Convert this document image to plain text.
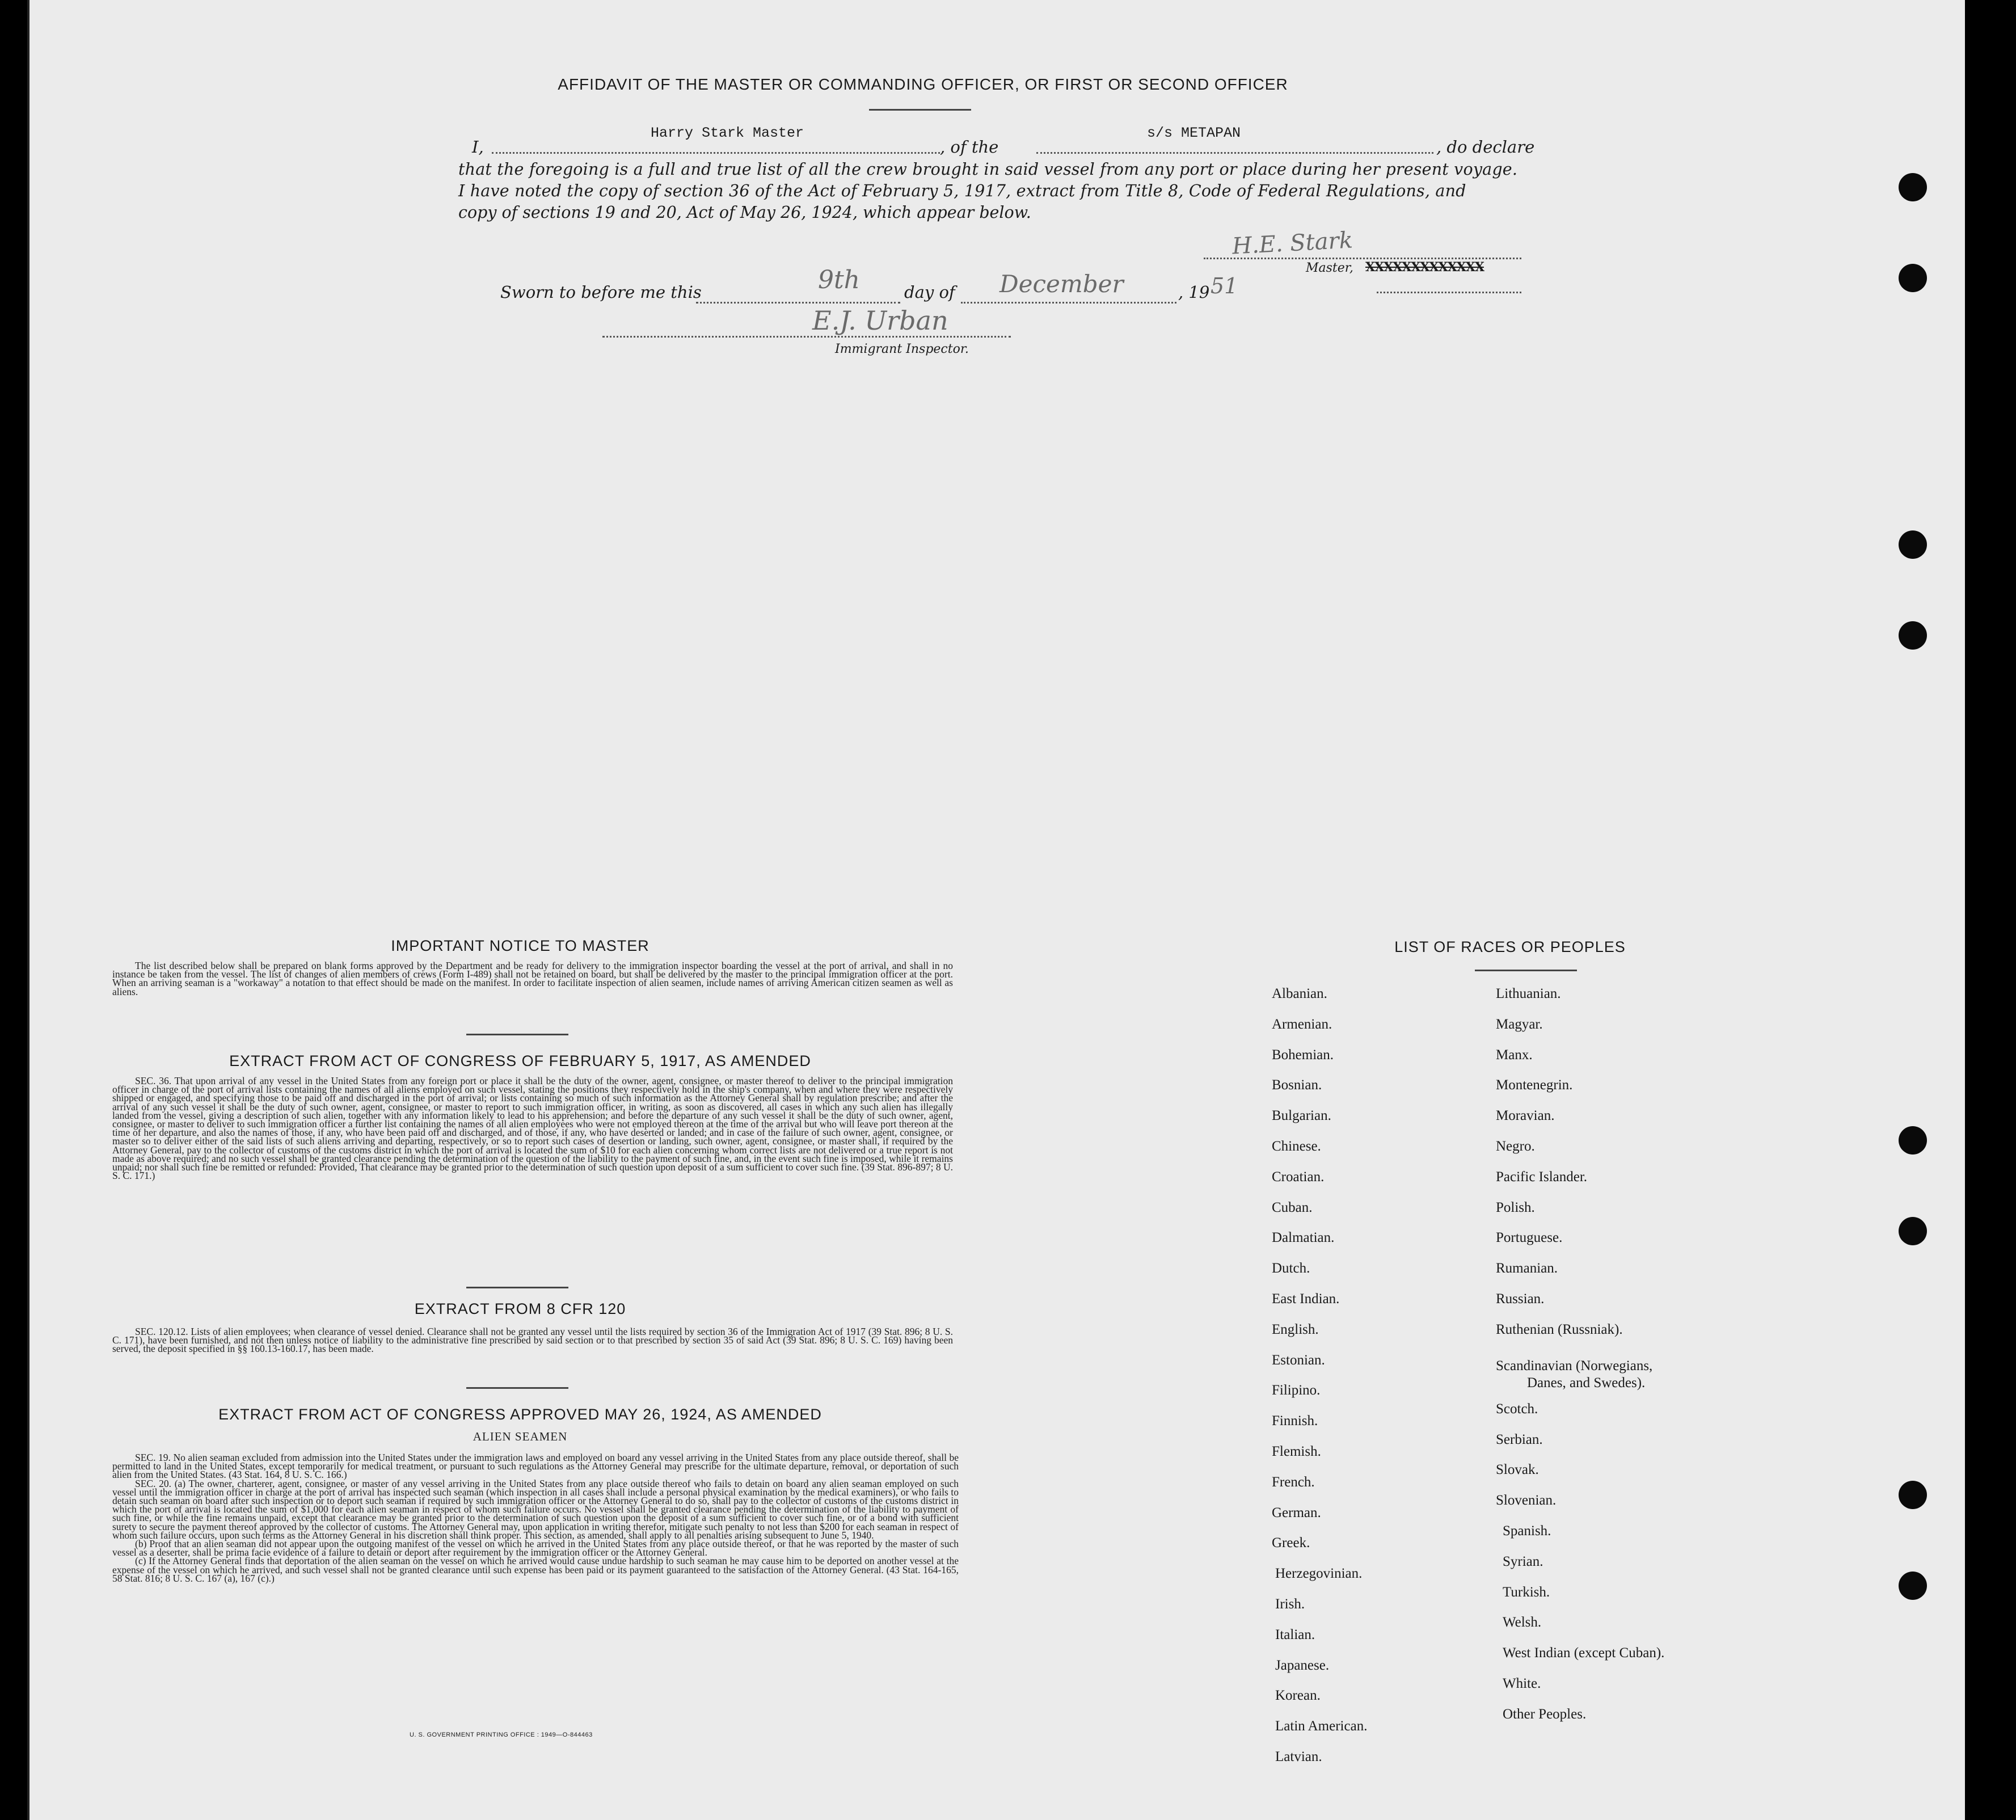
AFFIDAVIT OF THE MASTER OR COMMANDING OFFICER, OR FIRST OR SECOND OFFICER
I,
Harry Stark Master
, of the
s/s METAPAN
, do declare
that the foregoing is a full and true list of all the crew brought in said vessel from any port or place during her present voyage.
I have noted the copy of section 36 of the Act of February 5, 1917, extract from Title 8, Code of Federal Regulations, and
copy of sections 19 and 20, Act of May 26, 1924, which appear below.
H.E. Stark
Master, XXXXXXXXXXXXX
Sworn to before me this	9th	day of December	, 19 51
E.J. Urban
Immigrant Inspector.
IMPORTANT NOTICE TO MASTER
The list described below shall be prepared on blank forms approved by the Department and be ready for delivery to the immigration inspector boarding the vessel at the port of arrival, and shall in no instance be taken from the vessel. The list of changes of alien members of crews (Form I-489) shall not be retained on board, but shall be delivered by the master to the principal immigration officer at the port. When an arriving seaman is a "workaway" a notation to that effect should be made on the manifest. In order to facilitate inspection of alien seamen, include names of arriving American citizen seamen as well as aliens.
EXTRACT FROM ACT OF CONGRESS OF FEBRUARY 5, 1917, AS AMENDED
SEC. 36. That upon arrival of any vessel in the United States from any foreign port or place it shall be the duty of the owner, agent, consignee, or master thereof to deliver to the principal immigration officer in charge of the port of arrival lists containing the names of all aliens employed on such vessel, stating the positions they respectively hold in the ship's company, when and where they were respectively shipped or engaged, and specifying those to be paid off and discharged in the port of arrival; or lists containing so much of such information as the Attorney General shall by regulation prescribe; and after the arrival of any such vessel it shall be the duty of such owner, agent, consignee, or master to report to such immigration officer, in writing, as soon as discovered, all cases in which any such alien has illegally landed from the vessel, giving a description of such alien, together with any information likely to lead to his apprehension; and before the departure of any such vessel it shall be the duty of such owner, agent, consignee, or master to deliver to such immigration officer a further list containing the names of all alien employees who were not employed thereon at the time of the arrival but who will leave port thereon at the time of her departure, and also the names of those, if any, who have been paid off and discharged, and of those, if any, who have deserted or landed; and in case of the failure of such owner, agent, consignee, or master so to deliver either of the said lists of such aliens arriving and departing, respectively, or so to report such cases of desertion or landing, such owner, agent, consignee, or master shall, if required by the Attorney General, pay to the collector of customs of the customs district in which the port of arrival is located the sum of $10 for each alien concerning whom correct lists are not delivered or a true report is not made as above required; and no such vessel shall be granted clearance pending the determination of the question of the liability to the payment of such fine, and, in the event such fine is imposed, while it remains unpaid; nor shall such fine be remitted or refunded: Provided, That clearance may be granted prior to the determination of such question upon deposit of a sum sufficient to cover such fine. (39 Stat. 896-897; 8 U. S. C. 171.)
EXTRACT FROM 8 CFR 120
SEC. 120.12. Lists of alien employees; when clearance of vessel denied. Clearance shall not be granted any vessel until the lists required by section 36 of the Immigration Act of 1917 (39 Stat. 896; 8 U. S. C. 171), have been furnished, and not then unless notice of liability to the administrative fine prescribed by said section or to that prescribed by section 35 of said Act (39 Stat. 896; 8 U. S. C. 169) having been served, the deposit specified in §§ 160.13-160.17, has been made.
EXTRACT FROM ACT OF CONGRESS APPROVED MAY 26, 1924, AS AMENDED
ALIEN SEAMEN
SEC. 19. No alien seaman excluded from admission into the United States under the immigration laws and employed on board any vessel arriving in the United States from any place outside thereof, shall be permitted to land in the United States, except temporarily for medical treatment, or pursuant to such regulations as the Attorney General may prescribe for the ultimate departure, removal, or deportation of such alien from the United States. (43 Stat. 164, 8 U. S. C. 166.)
SEC. 20. (a) The owner, charterer, agent, consignee, or master of any vessel arriving in the United States from any place outside thereof who fails to detain on board any alien seaman employed on such vessel until the immigration officer in charge at the port of arrival has inspected such seaman (which inspection in all cases shall include a personal physical examination by the medical examiners), or who fails to detain such seaman on board after such inspection or to deport such seaman if required by such immigration officer or the Attorney General to do so, shall pay to the collector of customs of the customs district in which the port of arrival is located the sum of $1,000 for each alien seaman in respect of whom such failure occurs. No vessel shall be granted clearance pending the determination of the liability to payment of such fine, or while the fine remains unpaid, except that clearance may be granted prior to the determination of such question upon the deposit of a sum sufficient to cover such fine, or of a bond with sufficient surety to secure the payment thereof approved by the collector of customs. The Attorney General may, upon application in writing therefor, mitigate such penalty to not less than $200 for each seaman in respect of whom such failure occurs, upon such terms as the Attorney General in his discretion shall think proper. This section, as amended, shall apply to all penalties arising subsequent to June 5, 1940.
(b) Proof that an alien seaman did not appear upon the outgoing manifest of the vessel on which he arrived in the United States from any place outside thereof, or that he was reported by the master of such vessel as a deserter, shall be prima facie evidence of a failure to detain or deport after requirement by the immigration officer or the Attorney General.
(c) If the Attorney General finds that deportation of the alien seaman on the vessel on which he arrived would cause undue hardship to such seaman he may cause him to be deported on another vessel at the expense of the vessel on which he arrived, and such vessel shall not be granted clearance until such expense has been paid or its payment guaranteed to the satisfaction of the Attorney General. (43 Stat. 164-165, 58 Stat. 816; 8 U. S. C. 167 (a), 167 (c).)
U. S. GOVERNMENT PRINTING OFFICE : 1949—O-844463
LIST OF RACES OR PEOPLES
Albanian.
Armenian.
Bohemian.
Bosnian.
Bulgarian.
Chinese.
Croatian.
Cuban.
Dalmatian.
Dutch.
East Indian.
English.
Estonian.
Filipino.
Finnish.
Flemish.
French.
German.
Greek.
Herzegovinian.
Irish.
Italian.
Japanese.
Korean.
Latin American.
Latvian.
Lithuanian.
Magyar.
Manx.
Montenegrin.
Moravian.
Negro.
Pacific Islander.
Polish.
Portuguese.
Rumanian.
Russian.
Ruthenian (Russniak).
Scandinavian (Norwegians,
Danes, and Swedes).
Scotch.
Serbian.
Slovak.
Slovenian.
Spanish.
Syrian.
Turkish.
Welsh.
West Indian (except Cuban).
White.
Other Peoples.
